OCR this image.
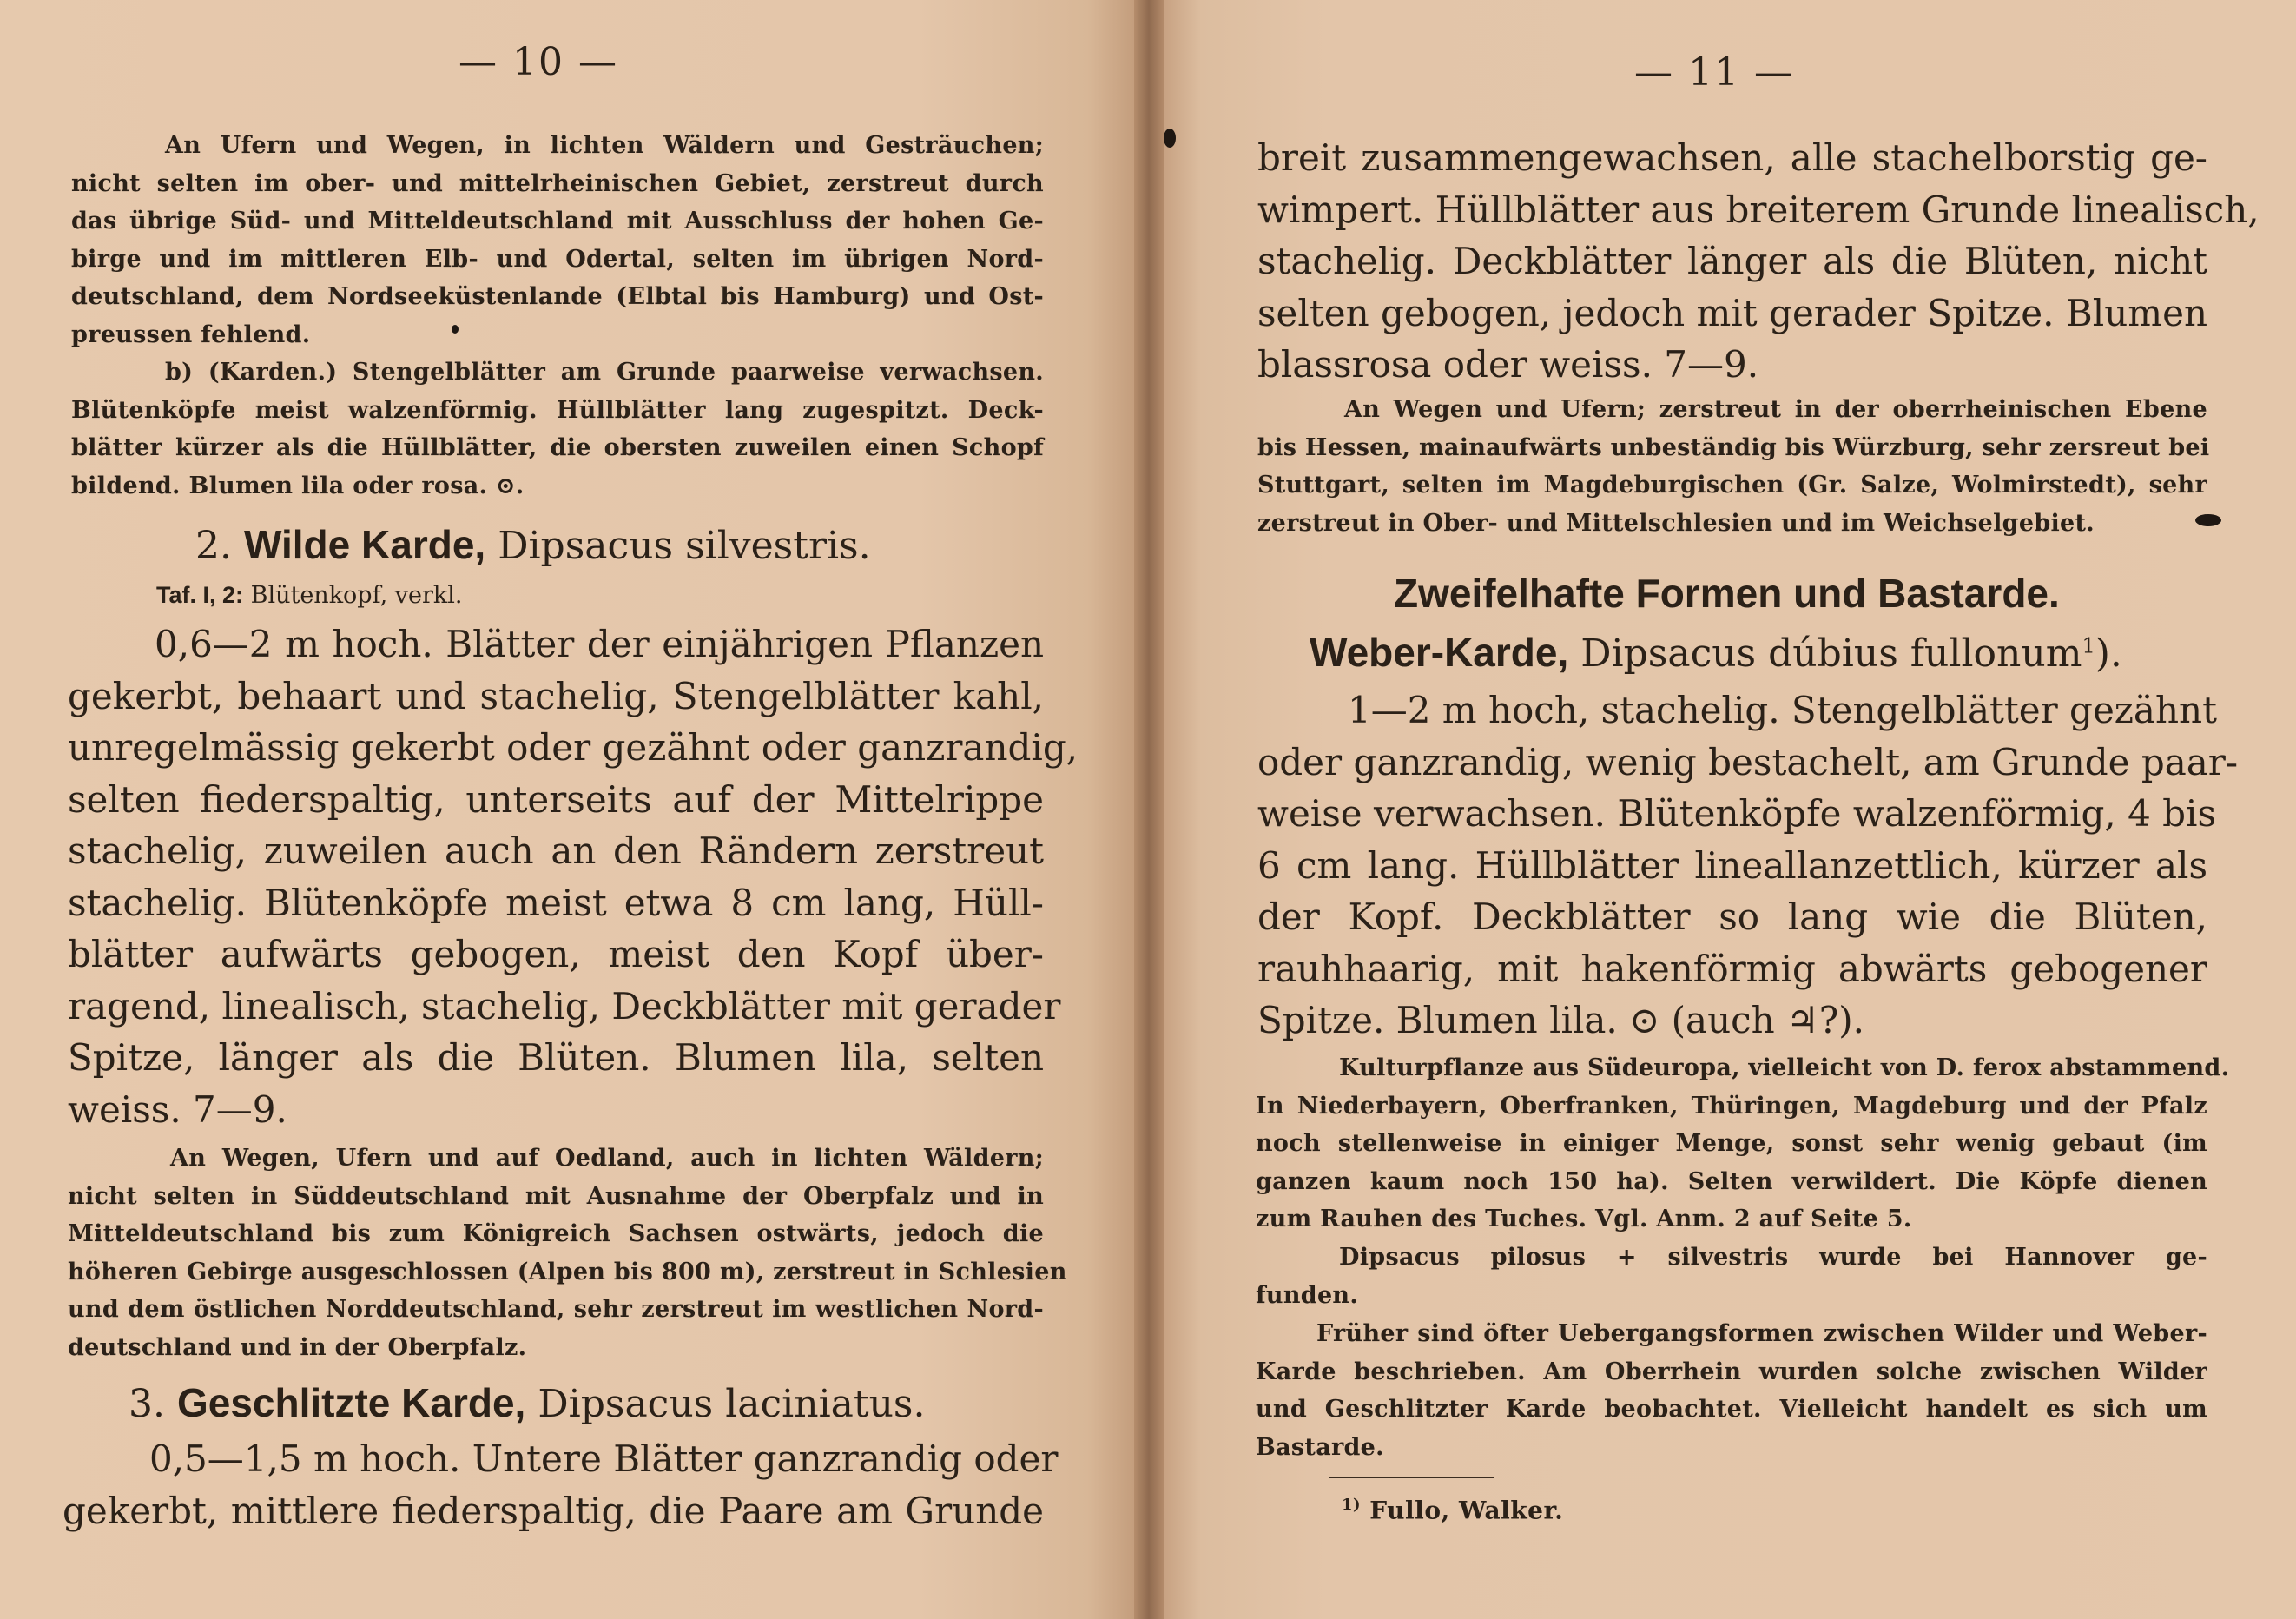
— 10 —
An Ufern und Wegen, in lichten Wäldern und Gesträuchen;
nicht selten im ober- und mittelrheinischen Gebiet, zerstreut durch
das übrige Süd- und Mitteldeutschland mit Ausschluss der hohen Ge-
birge und im mittleren Elb- und Odertal, selten im übrigen Nord-
deutschland, dem Nordseeküstenlande (Elbtal bis Hamburg) und Ost-
preussen fehlend.
b) (Karden.) Stengelblätter am Grunde paarweise verwachsen.
Blütenköpfe meist walzenförmig. Hüllblätter lang zugespitzt. Deck-
blätter kürzer als die Hüllblätter, die obersten zuweilen einen Schopf
bildend. Blumen lila oder rosa. ⊙.
2. Wilde Karde, Dipsacus silvestris.
Taf. I, 2: Blütenkopf, verkl.
0,6—2 m hoch. Blätter der einjährigen Pflanzen
gekerbt, behaart und stachelig, Stengelblätter kahl,
unregelmässig gekerbt oder gezähnt oder ganzrandig,
selten fiederspaltig, unterseits auf der Mittelrippe
stachelig, zuweilen auch an den Rändern zerstreut
stachelig. Blütenköpfe meist etwa 8 cm lang, Hüll-
blätter aufwärts gebogen, meist den Kopf über-
ragend, linealisch, stachelig, Deckblätter mit gerader
Spitze, länger als die Blüten. Blumen lila, selten
weiss. 7—9.
An Wegen, Ufern und auf Oedland, auch in lichten Wäldern;
nicht selten in Süddeutschland mit Ausnahme der Oberpfalz und in
Mitteldeutschland bis zum Königreich Sachsen ostwärts, jedoch die
höheren Gebirge ausgeschlossen (Alpen bis 800 m), zerstreut in Schlesien
und dem östlichen Norddeutschland, sehr zerstreut im westlichen Nord-
deutschland und in der Oberpfalz.
3. Geschlitzte Karde, Dipsacus laciniatus.
0,5—1,5 m hoch. Untere Blätter ganzrandig oder
gekerbt, mittlere fiederspaltig, die Paare am Grunde
— 11 —
breit zusammengewachsen, alle stachelborstig ge-
wimpert. Hüllblätter aus breiterem Grunde linealisch,
stachelig. Deckblätter länger als die Blüten, nicht
selten gebogen, jedoch mit gerader Spitze. Blumen
blassrosa oder weiss. 7—9.
An Wegen und Ufern; zerstreut in der oberrheinischen Ebene
bis Hessen, mainaufwärts unbeständig bis Würzburg, sehr zersreut bei
Stuttgart, selten im Magdeburgischen (Gr. Salze, Wolmirstedt), sehr
zerstreut in Ober- und Mittelschlesien und im Weichselgebiet.
Zweifelhafte Formen und Bastarde.
Weber-Karde, Dipsacus dúbius fullonum$^1$).
1—2 m hoch, stachelig. Stengelblätter gezähnt
oder ganzrandig, wenig bestachelt, am Grunde paar-
weise verwachsen. Blütenköpfe walzenförmig, 4 bis
6 cm lang. Hüllblätter lineallanzettlich, kürzer als
der Kopf. Deckblätter so lang wie die Blüten,
rauhhaarig, mit hakenförmig abwärts gebogener
Spitze. Blumen lila. ⊙ (auch ♃?).
Kulturpflanze aus Südeuropa, vielleicht von D. ferox abstammend.
In Niederbayern, Oberfranken, Thüringen, Magdeburg und der Pfalz
noch stellenweise in einiger Menge, sonst sehr wenig gebaut (im
ganzen kaum noch 150 ha). Selten verwildert. Die Köpfe dienen
zum Rauhen des Tuches. Vgl. Anm. 2 auf Seite 5.
Dipsacus pilosus + silvestris wurde bei Hannover ge-
funden.
Früher sind öfter Uebergangsformen zwischen Wilder und Weber-
Karde beschrieben. Am Oberrhein wurden solche zwischen Wilder
und Geschlitzter Karde beobachtet. Vielleicht handelt es sich um
Bastarde.
$^{1)}$ Fullo, Walker.
